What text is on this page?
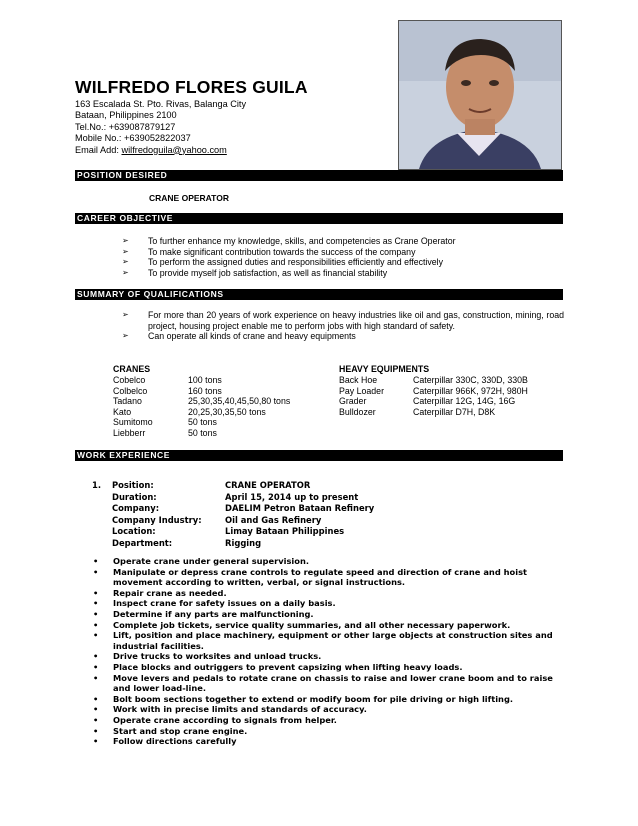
WILFREDO FLORES GUILA
163 Escalada St. Pto. Rivas, Balanga City
Bataan, Philippines 2100
Tel.No.: +639087879127
Mobile No.: +639052822037
Email Add: wilfredoguila@yahoo.com
POSITION DESIRED
CRANE OPERATOR
CAREER OBJECTIVE
➢ To further enhance my knowledge, skills, and competencies as Crane Operator
➢ To make significant contribution towards the success of the company
➢ To perform the assigned duties and responsibilities efficiently and effectively
➢ To provide myself job satisfaction, as well as financial stability
SUMMARY OF QUALIFICATIONS
➢ For more than 20 years of work experience on heavy industries like oil and gas, construction, mining, road project, housing project enable me to perform jobs with high standard of safety.
➢ Can operate all kinds of crane and heavy equipments
CRANES
Cobelco	100 tons
Colbelco	160 tons
Tadano	25,30,35,40,45,50,80 tons
Kato	20,25,30,35,50 tons
Sumitomo	50 tons
Liebberr	50 tons
HEAVY EQUIPMENTS
Back Hoe	Caterpillar 330C, 330D, 330B
Pay Loader	Caterpillar 966K, 972H, 980H
Grader	Caterpillar 12G, 14G, 16G
Bulldozer	Caterpillar D7H, D8K
WORK EXPERIENCE
1.	Position:	CRANE OPERATOR
	Duration:	April 15, 2014 up to present
	Company:	DAELIM Petron Bataan Refinery
	Company Industry:	Oil and Gas Refinery
	Location:	Limay Bataan Philippines
	Department:	Rigging
• Operate crane under general supervision.
• Manipulate or depress crane controls to regulate speed and direction of crane and hoist movement according to written, verbal, or signal instructions.
• Repair crane as needed.
• Inspect crane for safety issues on a daily basis.
• Determine if any parts are malfunctioning.
• Complete job tickets, service quality summaries, and all other necessary paperwork.
• Lift, position and place machinery, equipment or other large objects at construction sites and industrial facilities.
• Drive trucks to worksites and unload trucks.
• Place blocks and outriggers to prevent capsizing when lifting heavy loads.
• Move levers and pedals to rotate crane on chassis to raise and lower crane boom and to raise and lower load-line.
• Bolt boom sections together to extend or modify boom for pile driving or high lifting.
• Work with in precise limits and standards of accuracy.
• Operate crane according to signals from helper.
• Start and stop crane engine.
• Follow directions carefully
